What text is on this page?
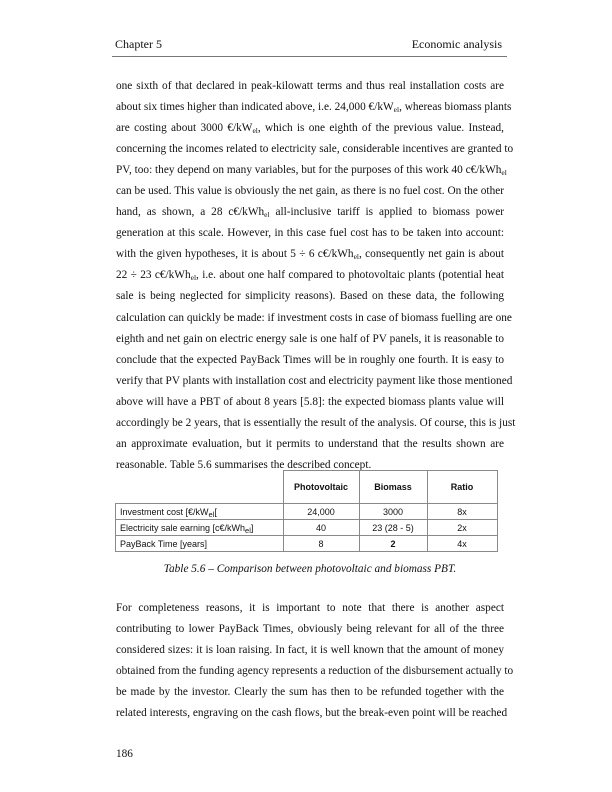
Chapter 5	Economic analysis
one sixth of that declared in peak-kilowatt terms and thus real installation costs are
about six times higher than indicated above, i.e. 24,000 $€/kW_{el}$, whereas biomass plants
are costing about 3000 $€/kW_{el}$, which is one eighth of the previous value. Instead,
concerning the incomes related to electricity sale, considerable incentives are granted to
PV, too: they depend on many variables, but for the purposes of this work 40 c€/kWh$_{el}$
can be used. This value is obviously the net gain, as there is no fuel cost. On the other
hand, as shown, a 28 c€/kWh$_{el}$ all-inclusive tariff is applied to biomass power
generation at this scale. However, in this case fuel cost has to be taken into account:
with the given hypotheses, it is about 5 ÷ 6 c€/kWh$_{el}$, consequently net gain is about
22 ÷ 23 c€/kWh$_{el}$, i.e. about one half compared to photovoltaic plants (potential heat
sale is being neglected for simplicity reasons). Based on these data, the following
calculation can quickly be made: if investment costs in case of biomass fuelling are one
eighth and net gain on electric energy sale is one half of PV panels, it is reasonable to
conclude that the expected PayBack Times will be in roughly one fourth. It is easy to
verify that PV plants with installation cost and electricity payment like those mentioned
above will have a PBT of about 8 years [5.8]: the expected biomass plants value will
accordingly be 2 years, that is essentially the result of the analysis. Of course, this is just
an approximate evaluation, but it permits to understand that the results shown are
reasonable. Table 5.6 summarises the described concept.
	Photovoltaic	Biomass	Ratio
Investment cost [$€/kW_{el}$[	24,000	3000	8x
Electricity sale earning [c€/kWh$_{el}$]	40	23 (28 - 5)	2x
PayBack Time [years]	8	2	4x
Table 5.6 – Comparison between photovoltaic and biomass PBT.
For completeness reasons, it is important to note that there is another aspect
contributing to lower PayBack Times, obviously being relevant for all of the three
considered sizes: it is loan raising. In fact, it is well known that the amount of money
obtained from the funding agency represents a reduction of the disbursement actually to
be made by the investor. Clearly the sum has then to be refunded together with the
related interests, engraving on the cash flows, but the break-even point will be reached
186
